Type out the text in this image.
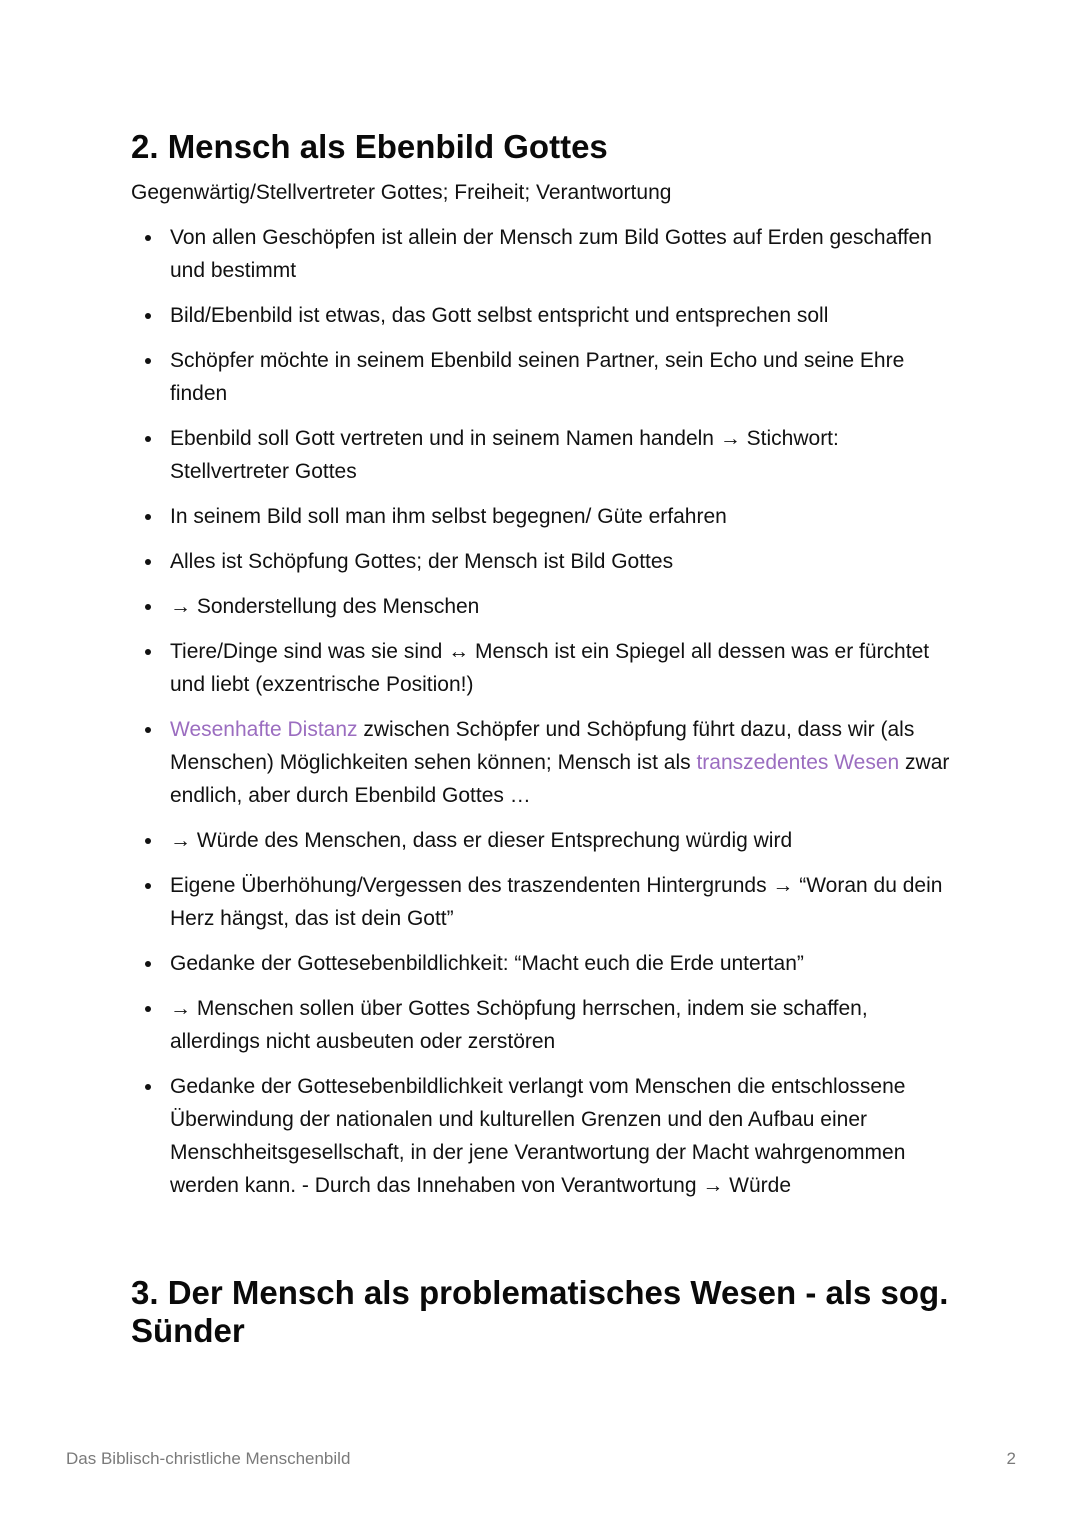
2. Mensch als Ebenbild Gottes
Gegenwärtig/Stellvertreter Gottes; Freiheit; Verantwortung
Von allen Geschöpfen ist allein der Mensch zum Bild Gottes auf Erden geschaffen und bestimmt
Bild/Ebenbild ist etwas, das Gott selbst entspricht und entsprechen soll
Schöpfer möchte in seinem Ebenbild seinen Partner, sein Echo und seine Ehre finden
Ebenbild soll Gott vertreten und in seinem Namen handeln → Stichwort: Stellvertreter Gottes
In seinem Bild soll man ihm selbst begegnen/ Güte erfahren
Alles ist Schöpfung Gottes; der Mensch ist Bild Gottes
→ Sonderstellung des Menschen
Tiere/Dinge sind was sie sind ↔ Mensch ist ein Spiegel all dessen was er fürchtet und liebt (exzentrische Position!)
Wesenhafte Distanz zwischen Schöpfer und Schöpfung führt dazu, dass wir (als Menschen) Möglichkeiten sehen können; Mensch ist als transzedentes Wesen zwar endlich, aber durch Ebenbild Gottes …
→ Würde des Menschen, dass er dieser Entsprechung würdig wird
Eigene Überhöhung/Vergessen des traszendenten Hintergrunds → “Woran du dein Herz hängst, das ist dein Gott”
Gedanke der Gottesebenbildlichkeit: “Macht euch die Erde untertan”
→ Menschen sollen über Gottes Schöpfung herrschen, indem sie schaffen, allerdings nicht ausbeuten oder zerstören
Gedanke der Gottesebenbildlichkeit verlangt vom Menschen die entschlossene Überwindung der nationalen und kulturellen Grenzen und den Aufbau einer Menschheitsgesellschaft, in der jene Verantwortung der Macht wahrgenommen werden kann. - Durch das Innehaben von Verantwortung → Würde
3. Der Mensch als problematisches Wesen - als sog. Sünder
Das Biblisch-christliche Menschenbild	2
